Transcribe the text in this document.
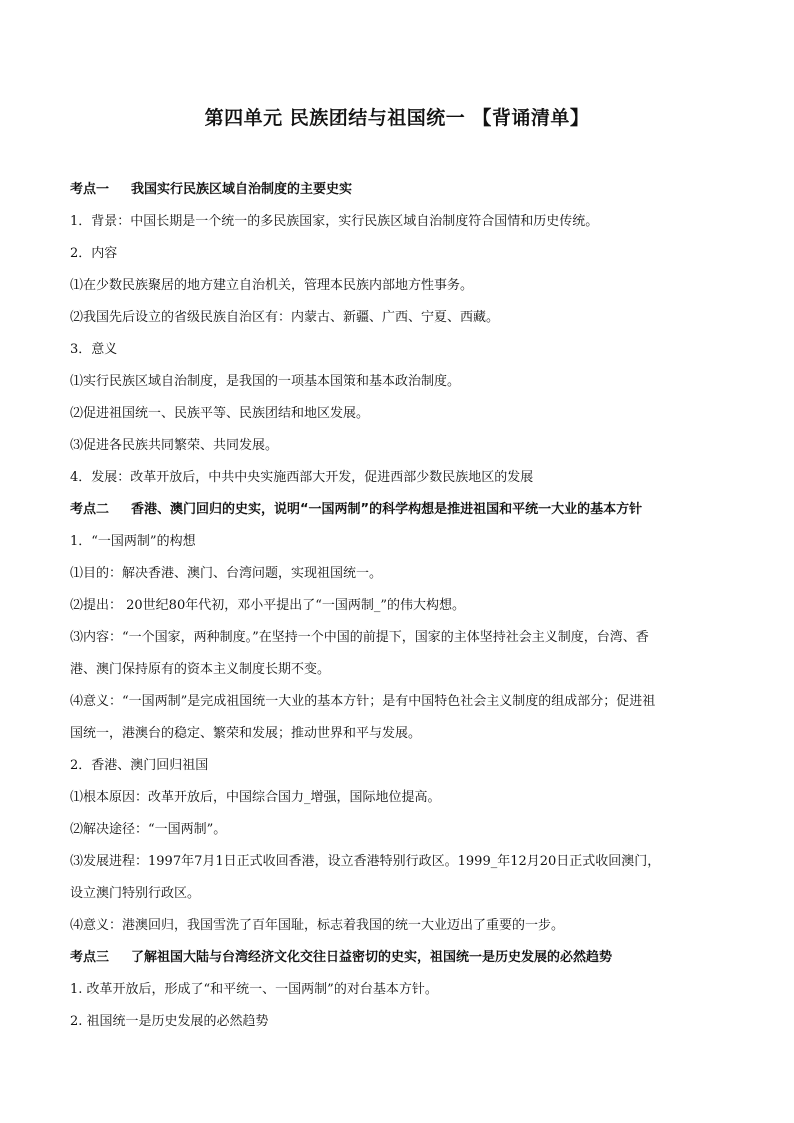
第四单元 民族团结与祖国统一 【背诵清单】
考点一 我国实行民族区域自治制度的主要史实
1．背景：中国长期是一个统一的多民族国家，实行民族区域自治制度符合国情和历史传统。
2．内容
⑴在少数民族聚居的地方建立自治机关，管理本民族内部地方性事务。
⑵我国先后设立的省级民族自治区有：内蒙古、新疆、广西、宁夏、西藏。
3．意义
⑴实行民族区域自治制度，是我国的一项基本国策和基本政治制度。
⑵促进祖国统一、民族平等、民族团结和地区发展。
⑶促进各民族共同繁荣、共同发展。
4．发展：改革开放后，中共中央实施西部大开发，促进西部少数民族地区的发展
考点二 香港、澳门回归的史实，说明“一国两制”的科学构想是推进祖国和平统一大业的基本方针
1．“一国两制”的构想
⑴目的：解决香港、澳门、台湾问题，实现祖国统一。
⑵提出： 20世纪80年代初，邓小平提出了“一国两制_”的伟大构想。
⑶内容：“一个国家，两种制度。”在坚持一个中国的前提下，国家的主体坚持社会主义制度，台湾、香
港、澳门保持原有的资本主义制度长期不变。
⑷意义：“一国两制”是完成祖国统一大业的基本方针；是有中国特色社会主义制度的组成部分；促进祖
国统一，港澳台的稳定、繁荣和发展；推动世界和平与发展。
2．香港、澳门回归祖国
⑴根本原因：改革开放后，中国综合国力_增强，国际地位提高。
⑵解决途径：“一国两制”。
⑶发展进程：1997年7月1日正式收回香港，设立香港特别行政区。1999_年12月20日正式收回澳门，
设立澳门特别行政区。
⑷意义：港澳回归，我国雪洗了百年国耻，标志着我国的统一大业迈出了重要的一步。
考点三 了解祖国大陆与台湾经济文化交往日益密切的史实，祖国统一是历史发展的必然趋势
1. 改革开放后，形成了“和平统一、一国两制”的对台基本方针。
2. 祖国统一是历史发展的必然趋势
